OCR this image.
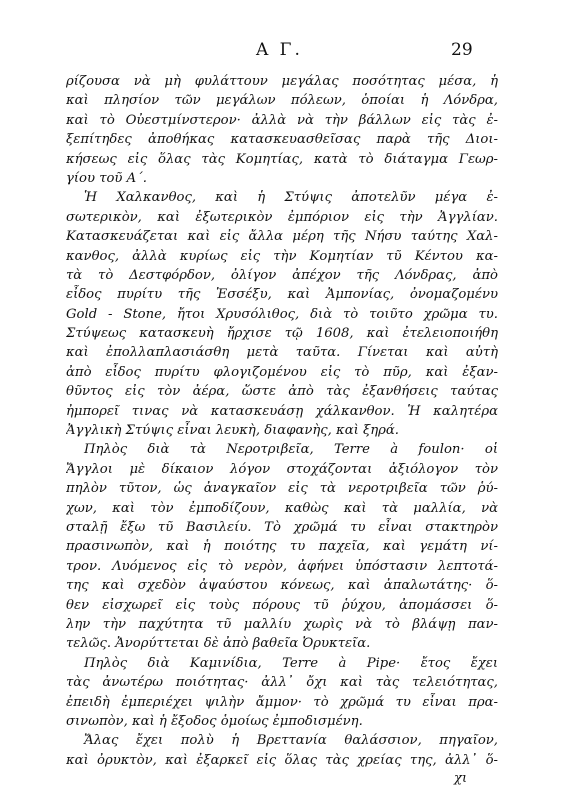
Α Γ.	29
ρίζουσα νὰ μὴ φυλάττουν μεγάλας ποσότητας μέσα, ἡ
καὶ πλησίον τῶν μεγάλων πόλεων, ὁποίαι ἡ Λόνδρα,
καὶ τὸ Οὐεστμίνστερον· ἀλλὰ νὰ τὴν βάλλων εἰς τὰς ἐ-
ξεπίτηδες ἀποθήκας κατασκευασθεῖσας παρὰ τῆς Διοι-
κήσεως εἰς ὅλας τὰς Κομητίας, κατὰ τὸ διάταγμα Γεωρ-
γίου τοῦ Α΄.
Ἡ Χαλκανθος, καὶ ἡ Στύψις ἀποτελῦν μέγα ἐ-
σωτερικὸν, καὶ ἐξωτερικὸν ἐμπόριον εἰς τὴν Ἀγγλίαν.
Κατασκευάζεται καὶ εἰς ἄλλα μέρη τῆς Νήσυ ταύτης Χαλ-
κανθος, ἀλλὰ κυρίως εἰς τὴν Κομητίαν τῦ Κέντου κα-
τὰ τὸ Δεστφόρδον, ὀλίγον ἀπέχον τῆς Λόνδρας, ἀπὸ
εἶδος πυρίτυ τῆς Ἐσσέξυ, καὶ Ἀμπονίας, ὀνομαζομένυ
Gold - Stone, ἤτοι Χρυσόλιθος, διὰ τὸ τοιῦτο χρῶμα τυ.
Στύψεως κατασκευὴ ἤρχισε τῷ 1608, καὶ ἐτελειοποιήθη
καὶ ἐπολλαπλασιάσθη μετὰ ταῦτα. Γίνεται καὶ αὐτὴ
ἀπὸ εἶδος πυρίτυ φλογιζομένου εἰς τὸ πῦρ, καὶ ἐξαν-
θῦντος εἰς τὸν ἀέρα, ὥστε ἀπὸ τὰς ἐξανθήσεις ταύτας
ἠμπορεῖ τινας νὰ κατασκευάσῃ χάλκανθον. Ἡ καλητέρα
Ἀγγλικὴ Στύψις εἶναι λευκὴ, διαφανὴς, καὶ ξηρά.
Πηλὸς διὰ τὰ Νεροτριβεῖα, Terre à foulon· οἱ
Ἄγγλοι μὲ δίκαιον λόγον στοχάζονται ἀξιόλογον τὸν
πηλὸν τῦτον, ὡς ἀναγκαῖον εἰς τὰ νεροτριβεῖα τῶν ῥύ-
χων, καὶ τὸν ἐμποδίζουν, καθὼς καὶ τὰ μαλλία, νὰ
σταλῇ ἔξω τῦ Βασιλείυ. Τὸ χρῶμά τυ εἶναι στακτηρὸν
πρασινωπὸν, καὶ ἡ ποιότης τυ παχεῖα, καὶ γεμάτη νί-
τρον. Λυόμενος εἰς τὸ νερὸν, ἀφήνει ὑπόστασιν λεπτοτά-
της καὶ σχεδὸν ἀψαύστου κόνεως, καὶ ἀπαλωτάτης· ὅ-
θεν εἰσχωρεῖ εἰς τοὺς πόρους τῦ ῥύχου, ἀπομάσσει ὅ-
λην τὴν παχύτητα τῦ μαλλίυ χωρὶς νὰ τὸ βλάψῃ παν-
τελῶς. Ἀνορύττεται δὲ ἀπὸ βαθεῖα Ὀρυκτεῖα.
Πηλὸς διὰ Καμινίδια, Terre à Pipe· ἔτος ἔχει
τὰς ἀνωτέρω ποιότητας· ἀλλ᾽ ὄχι καὶ τὰς τελειότητας,
ἐπειδὴ ἐμπεριέχει ψιλὴν ἄμμον· τὸ χρῶμά τυ εἶναι πρα-
σινωπὸν, καὶ ἡ ἔξοδος ὁμοίως ἐμποδισμένη.
Ἄλας ἔχει πολὺ ἡ Βρεττανία θαλάσσιον, πηγαῖον,
καὶ ὀρυκτὸν, καὶ ἐξαρκεῖ εἰς ὅλας τὰς χρείας της, ἀλλ᾽ ὅ-
χι
